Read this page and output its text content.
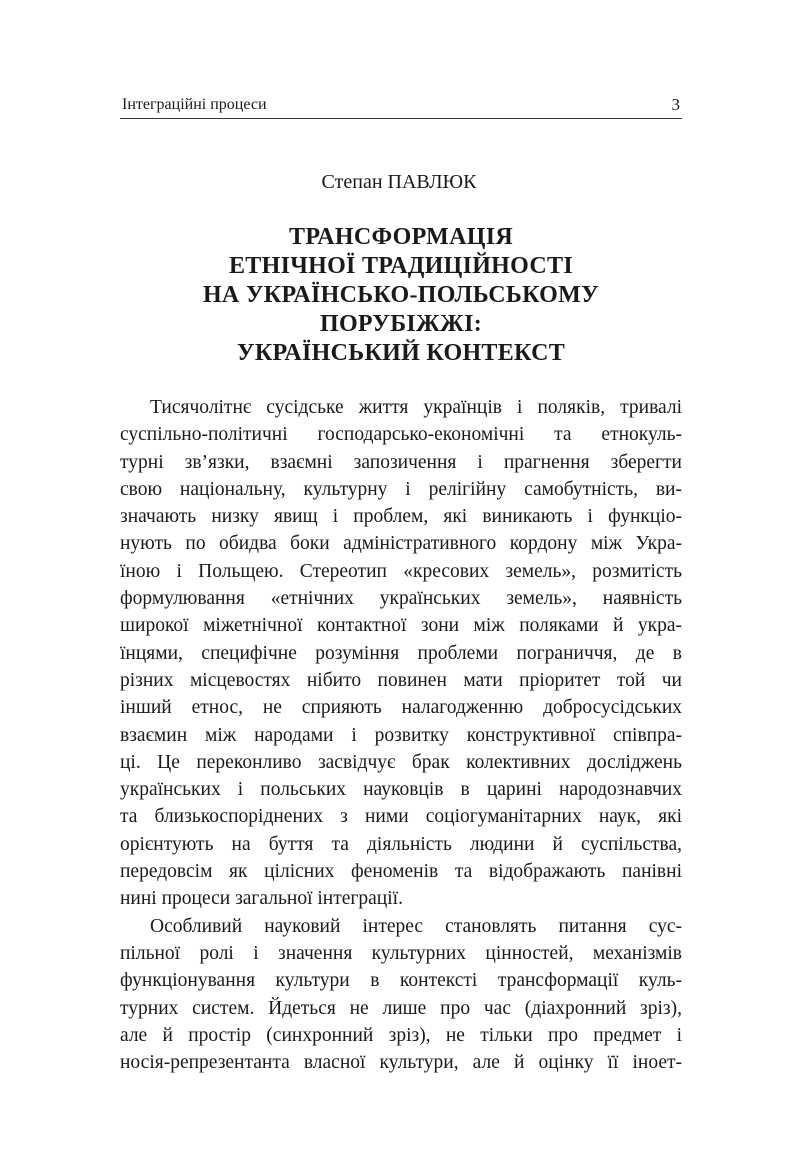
Інтеграційні процеси	3
Степан ПАВЛЮК
ТРАНСФОРМАЦІЯ
ЕТНІЧНОЇ ТРАДИЦІЙНОСТІ
НА УКРАЇНСЬКО-ПОЛЬСЬКОМУ
ПОРУБІЖЖІ:
УКРАЇНСЬКИЙ КОНТЕКСТ

Тисячолітнє сусідське життя українців і поляків, тривалі
суспільно-політичні господарсько-економічні та етнокуль-
турні зв’язки, взаємні запозичення і прагнення зберегти
свою національну, культурну і релігійну самобутність, ви-
значають низку явищ і проблем, які виникають і функціо-
нують по обидва боки адміністративного кордону між Укра-
їною і Польщею. Стереотип «кресових земель», розмитість
формулювання «етнічних українських земель», наявність
широкої міжетнічної контактної зони між поляками й укра-
їнцями, специфічне розуміння проблеми пограниччя, де в
різних місцевостях нібито повинен мати пріоритет той чи
інший етнос, не сприяють налагодженню добросусідських
взаємин між народами і розвитку конструктивної співпра-
ці. Це переконливо засвідчує брак колективних досліджень
українських і польських науковців в царині народознавчих
та близькоспоріднених з ними соціогуманітарних наук, які
орієнтують на буття та діяльність людини й суспільства,
передовсім як цілісних феноменів та відображають панівні
нині процеси загальної інтеграції.

Особливий науковий інтерес становлять питання сус-
пільної ролі і значення культурних цінностей, механізмів
функціонування культури в контексті трансформації куль-
турних систем. Йдеться не лише про час (діахронний зріз),
але й простір (синхронний зріз), не тільки про предмет і
носія-репрезентанта власної культури, але й оцінку її іноет-
